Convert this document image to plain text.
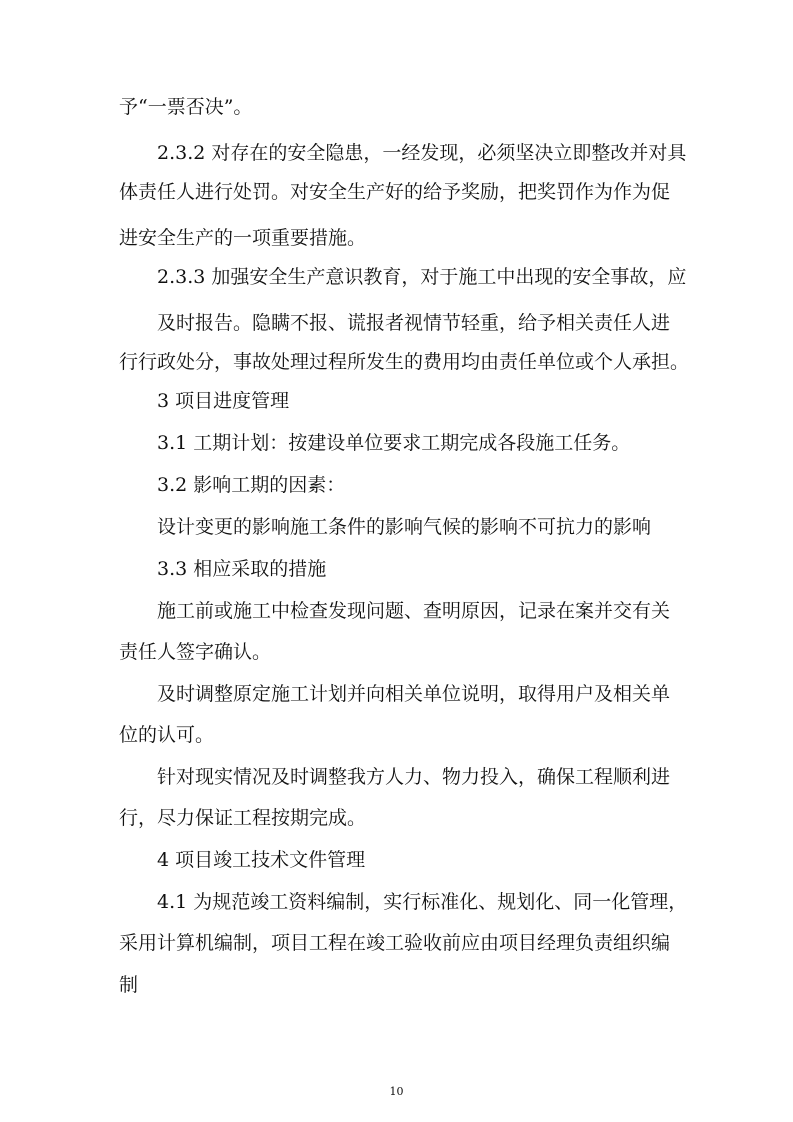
予“一票否决”。

2.3.2 对存在的安全隐患，一经发现，必须坚决立即整改并对具

体责任人进行处罚。对安全生产好的给予奖励，把奖罚作为作为促

进安全生产的一项重要措施。

2.3.3 加强安全生产意识教育，对于施工中出现的安全事故，应

及时报告。隐瞒不报、谎报者视情节轻重，给予相关责任人进

行行政处分，事故处理过程所发生的费用均由责任单位或个人承担。

3 项目进度管理

3.1 工期计划：按建设单位要求工期完成各段施工任务。

3.2 影响工期的因素：

设计变更的影响施工条件的影响气候的影响不可抗力的影响

3.3 相应采取的措施

施工前或施工中检查发现问题、查明原因，记录在案并交有关

责任人签字确认。

及时调整原定施工计划并向相关单位说明，取得用户及相关单

位的认可。

针对现实情况及时调整我方人力、物力投入，确保工程顺利进

行，尽力保证工程按期完成。

4 项目竣工技术文件管理

4.1 为规范竣工资料编制，实行标准化、规划化、同一化管理，

采用计算机编制，项目工程在竣工验收前应由项目经理负责组织编

制

10
